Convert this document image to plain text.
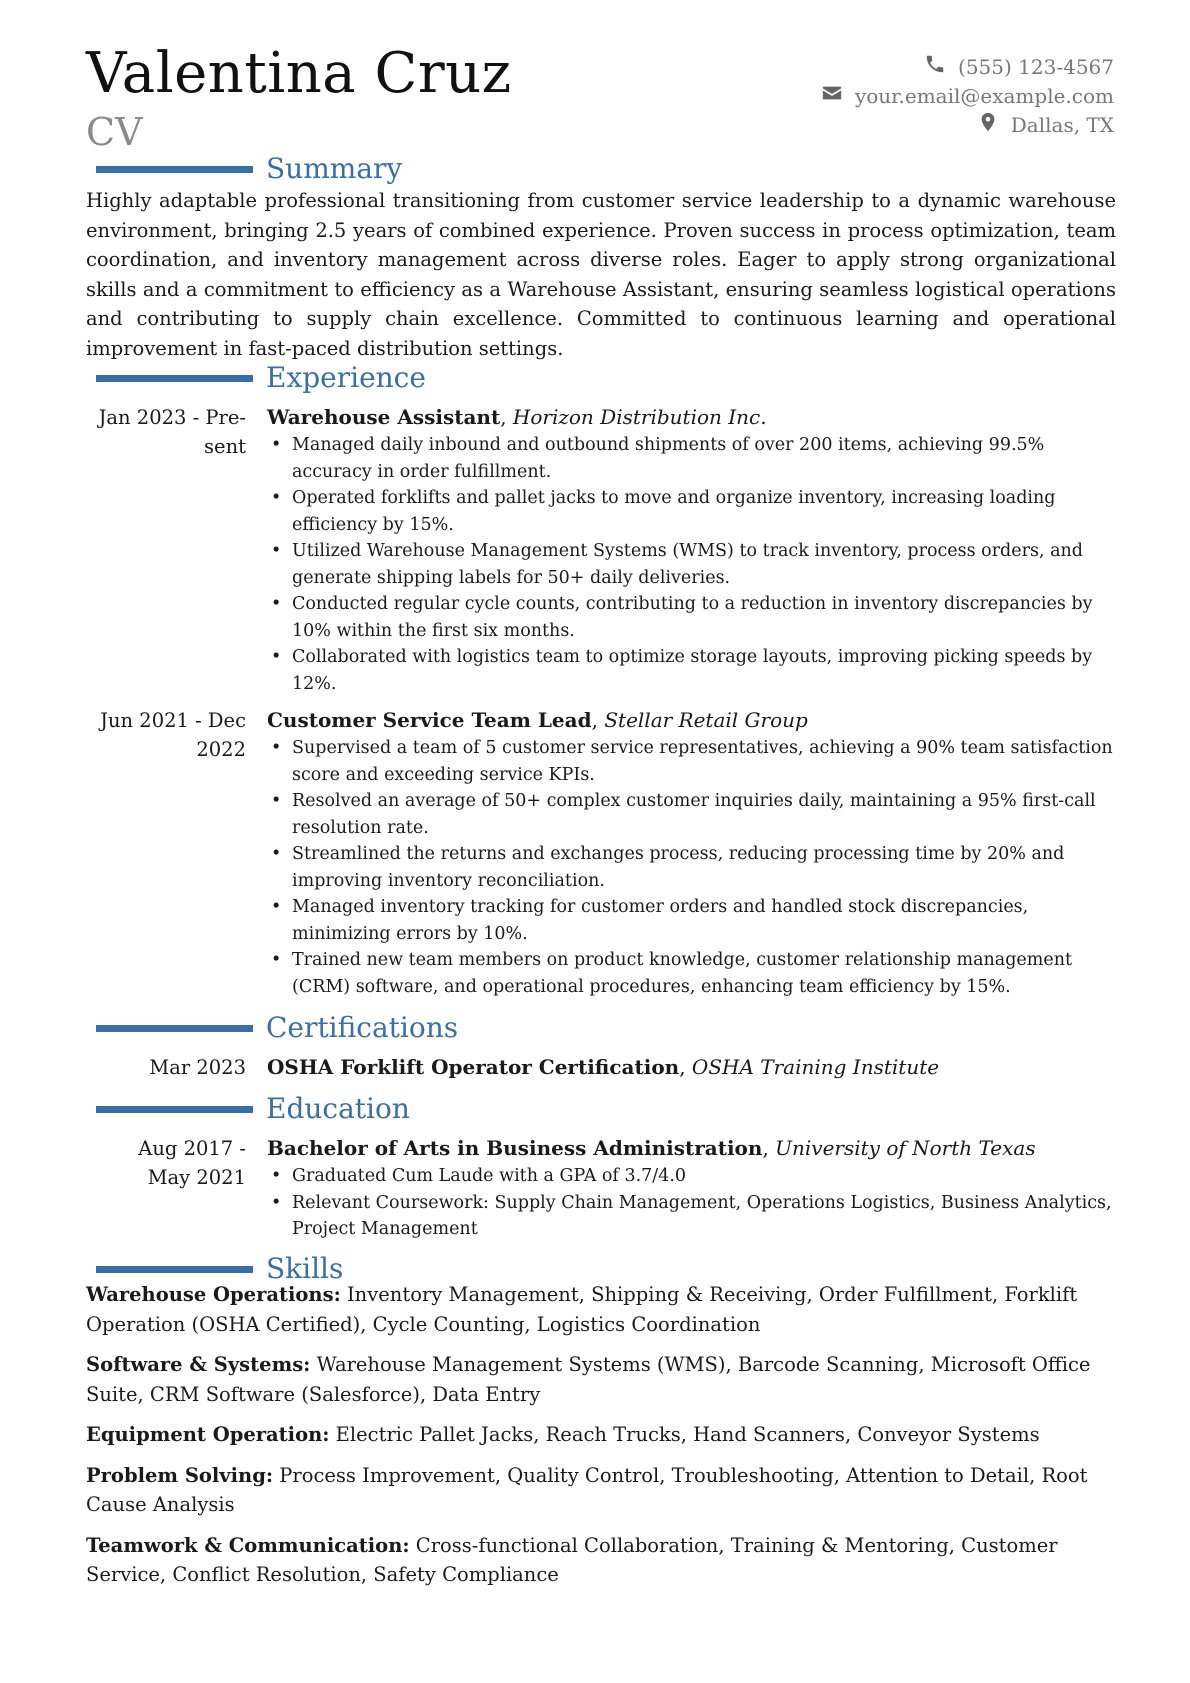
Valentina Cruz
CV
(555) 123-4567
your.email@example.com
Dallas, TX
Summary
Highly adaptable professional transitioning from customer service leadership to a dynamic warehouse environment, bringing 2.5 years of combined experience. Proven success in process optimization, team coordination, and inventory management across diverse roles. Eager to apply strong organizational skills and a commitment to efficiency as a Warehouse Assistant, ensuring seamless logistical operations and contributing to supply chain excellence. Committed to continuous learning and operational improvement in fast-paced distribution settings.
Experience
Jan 2023 - Pre-
sent
Warehouse Assistant, Horizon Distribution Inc.
• Managed daily inbound and outbound shipments of over 200 items, achieving 99.5% accuracy in order fulfillment.
• Operated forklifts and pallet jacks to move and organize inventory, increasing loading efficiency by 15%.
• Utilized Warehouse Management Systems (WMS) to track inventory, process orders, and generate shipping labels for 50+ daily deliveries.
• Conducted regular cycle counts, contributing to a reduction in inventory discrepancies by 10% within the first six months.
• Collaborated with logistics team to optimize storage layouts, improving picking speeds by 12%.
Jun 2021 - Dec
2022
Customer Service Team Lead, Stellar Retail Group
• Supervised a team of 5 customer service representatives, achieving a 90% team satisfaction score and exceeding service KPIs.
• Resolved an average of 50+ complex customer inquiries daily, maintaining a 95% first-call resolution rate.
• Streamlined the returns and exchanges process, reducing processing time by 20% and improving inventory reconciliation.
• Managed inventory tracking for customer orders and handled stock discrepancies, minimizing errors by 10%.
• Trained new team members on product knowledge, customer relationship management (CRM) software, and operational procedures, enhancing team efficiency by 15%.
Certifications
Mar 2023 OSHA Forklift Operator Certification, OSHA Training Institute
Education
Aug 2017 -
May 2021
Bachelor of Arts in Business Administration, University of North Texas
• Graduated Cum Laude with a GPA of 3.7/4.0
• Relevant Coursework: Supply Chain Management, Operations Logistics, Business Analytics, Project Management
Skills
Warehouse Operations: Inventory Management, Shipping & Receiving, Order Fulfillment, Forklift Operation (OSHA Certified), Cycle Counting, Logistics Coordination
Software & Systems: Warehouse Management Systems (WMS), Barcode Scanning, Microsoft Office Suite, CRM Software (Salesforce), Data Entry
Equipment Operation: Electric Pallet Jacks, Reach Trucks, Hand Scanners, Conveyor Systems
Problem Solving: Process Improvement, Quality Control, Troubleshooting, Attention to Detail, Root Cause Analysis
Teamwork & Communication: Cross-functional Collaboration, Training & Mentoring, Customer Service, Conflict Resolution, Safety Compliance
